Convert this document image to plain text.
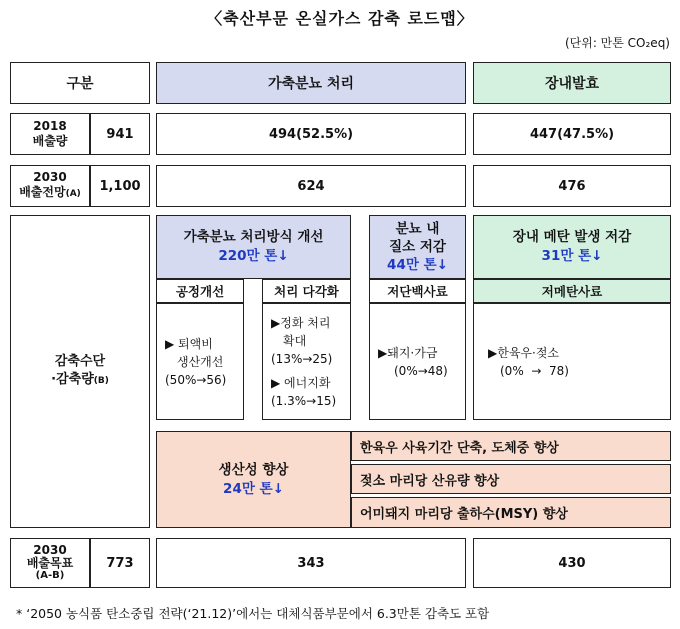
〈축산부문 온실가스 감축 로드맵〉
(단위: 만톤 CO₂eq)
구분	가축분뇨 처리	장내발효
2018
배출량	941	494(52.5%)	447(47.5%)
2030
배출전망(A)
1,100	624	476
감축수단
·감축량(B)
가축분뇨 처리방식 개선
220만 톤↓
공정개선	처리 다각화
▶ 퇴액비
생산개선
(50%→56)
▶정화 처리
확대
(13%→25)
▶ 에너지화
(1.3%→15)
분뇨 내
질소 저감
44만 톤↓
저단백사료
▶돼지·가금
(0%→48)
장내 메탄 발생 저감
31만 톤↓
저메탄사료
▶한육우·젖소
(0%  →  78)
생산성 향상
24만 톤↓
한육우 사육기간 단축, 도체중 향상
젖소 마리당 산유량 향상
어미돼지 마리당 출하수(MSY) 향상
2030
배출목표
(A-B)
773	343	430
* ‘2050 농식품 탄소중립 전략(‘21.12)’에서는 대체식품부문에서 6.3만톤 감축도 포함
